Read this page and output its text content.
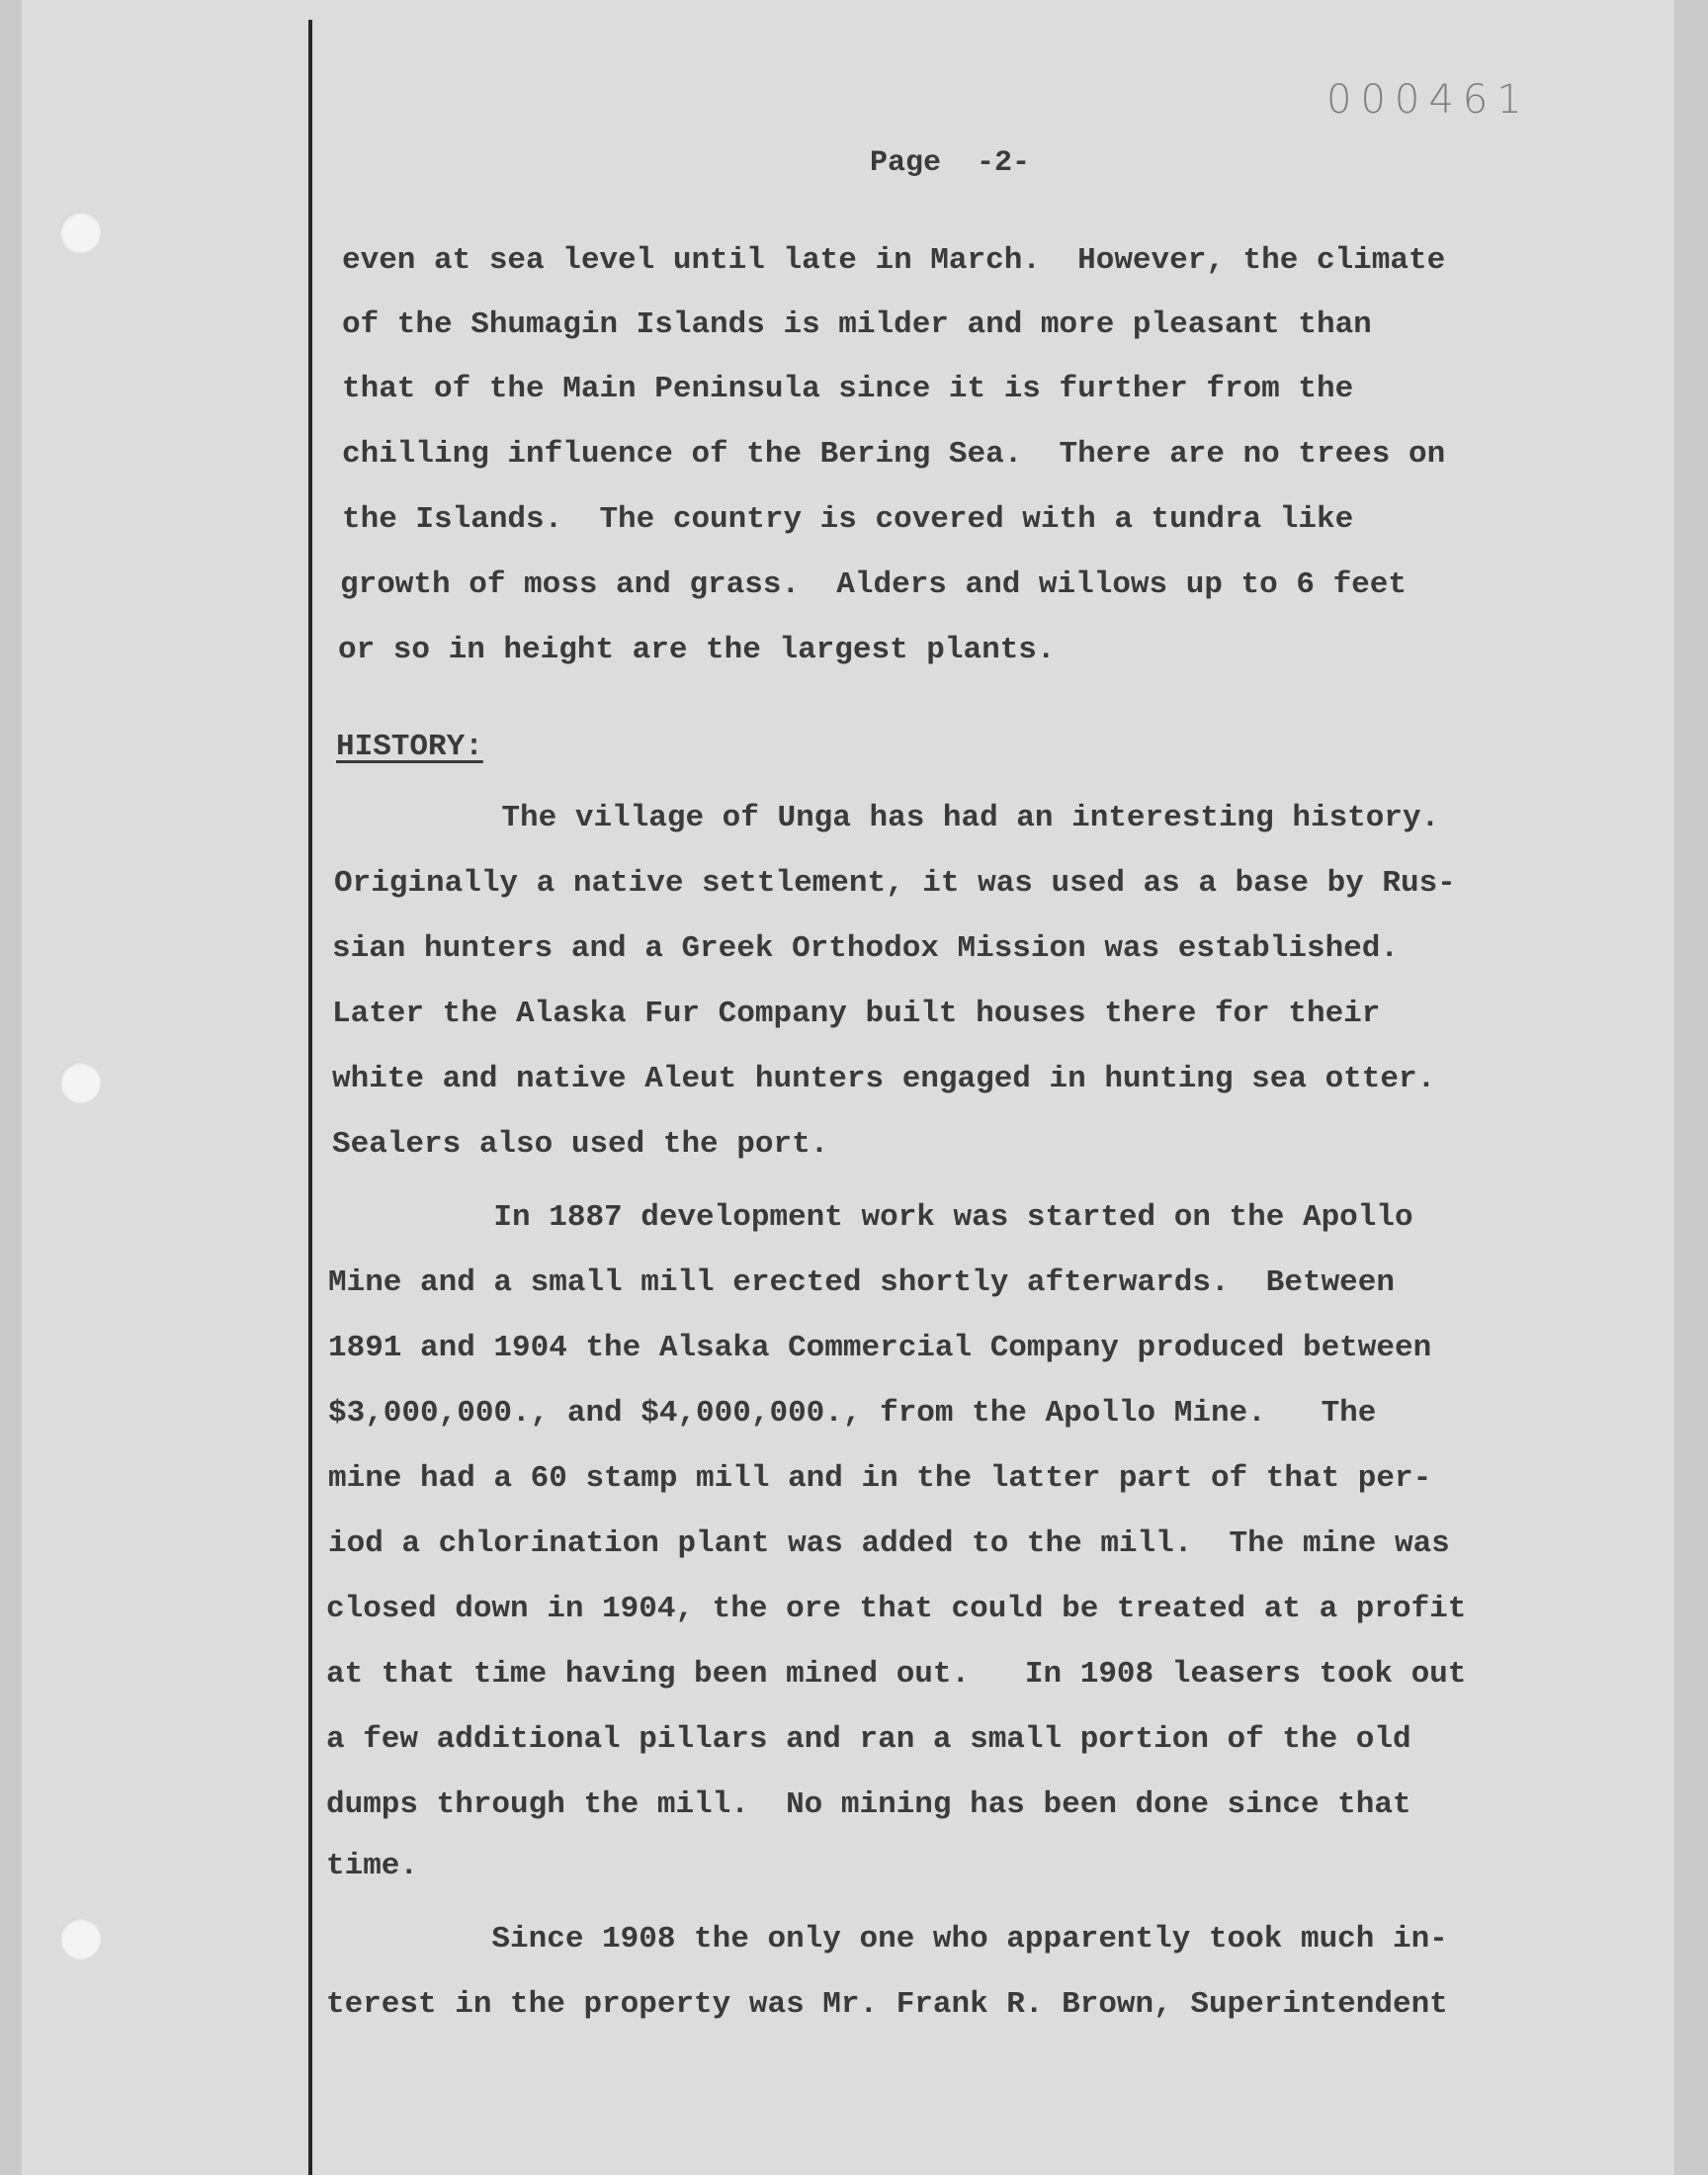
000461
Page  -2-
even at sea level until late in March.  However, the climate
of the Shumagin Islands is milder and more pleasant than
that of the Main Peninsula since it is further from the
chilling influence of the Bering Sea.  There are no trees on
the Islands.  The country is covered with a tundra like
growth of moss and grass.  Alders and willows up to 6 feet
or so in height are the largest plants.
HISTORY:
The village of Unga has had an interesting history.
Originally a native settlement, it was used as a base by Rus-
sian hunters and a Greek Orthodox Mission was established.
Later the Alaska Fur Company built houses there for their
white and native Aleut hunters engaged in hunting sea otter.
Sealers also used the port.
In 1887 development work was started on the Apollo
Mine and a small mill erected shortly afterwards.  Between
1891 and 1904 the Alsaka Commercial Company produced between
$3,000,000., and $4,000,000., from the Apollo Mine.   The
mine had a 60 stamp mill and in the latter part of that per-
iod a chlorination plant was added to the mill.  The mine was
closed down in 1904, the ore that could be treated at a profit
at that time having been mined out.   In 1908 leasers took out
a few additional pillars and ran a small portion of the old
dumps through the mill.  No mining has been done since that
time.
Since 1908 the only one who apparently took much in-
terest in the property was Mr. Frank R. Brown, Superintendent
